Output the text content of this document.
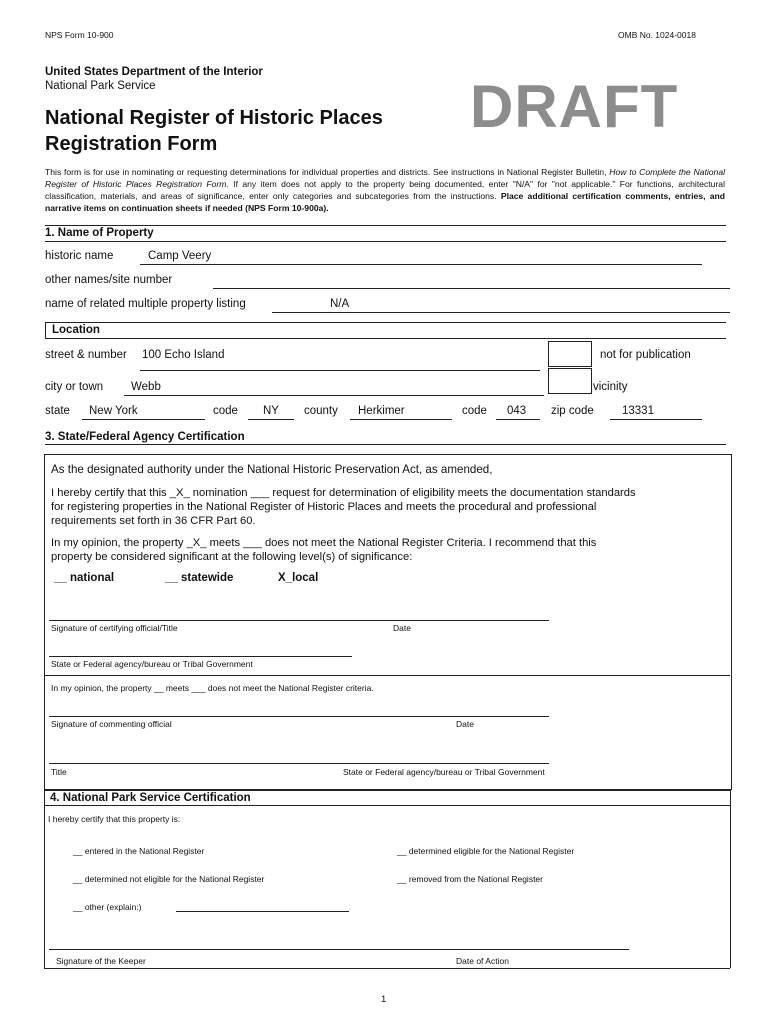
NPS Form 10-900	OMB No. 1024-0018
United States Department of the Interior
National Park Service
National Register of Historic Places
Registration Form
DRAFT
This form is for use in nominating or requesting determinations for individual properties and districts. See instructions in National Register Bulletin, How to Complete the National Register of Historic Places Registration Form. If any item does not apply to the property being documented, enter "N/A" for "not applicable." For functions, architectural classification, materials, and areas of significance, enter only categories and subcategories from the instructions. Place additional certification comments, entries, and narrative items on continuation sheets if needed (NPS Form 10-900a).
1. Name of Property
historic name	Camp Veery
other names/site number
name of related multiple property listing	N/A
Location
street & number 100 Echo Island	not for publication
city or town Webb	vicinity
state New York	code NY county Herkimer	code 043 zip code 13331
3. State/Federal Agency Certification
As the designated authority under the National Historic Preservation Act, as amended,
I hereby certify that this _X_ nomination ___ request for determination of eligibility meets the documentation standards
for registering properties in the National Register of Historic Places and meets the procedural and professional
requirements set forth in 36 CFR Part 60.
In my opinion, the property _X_ meets ___ does not meet the National Register Criteria. I recommend that this
property be considered significant at the following level(s) of significance:
__ national	__ statewide	X_local
Signature of certifying official/Title	Date
State or Federal agency/bureau or Tribal Government
In my opinion, the property __ meets ___ does not meet the National Register criteria.
Signature of commenting official	Date
Title	State or Federal agency/bureau or Tribal Government
4. National Park Service Certification
I hereby certify that this property is:
__ entered in the National Register	__ determined eligible for the National Register
__ determined not eligible for the National Register	__ removed from the National Register
__ other (explain:)
Signature of the Keeper	Date of Action
1
